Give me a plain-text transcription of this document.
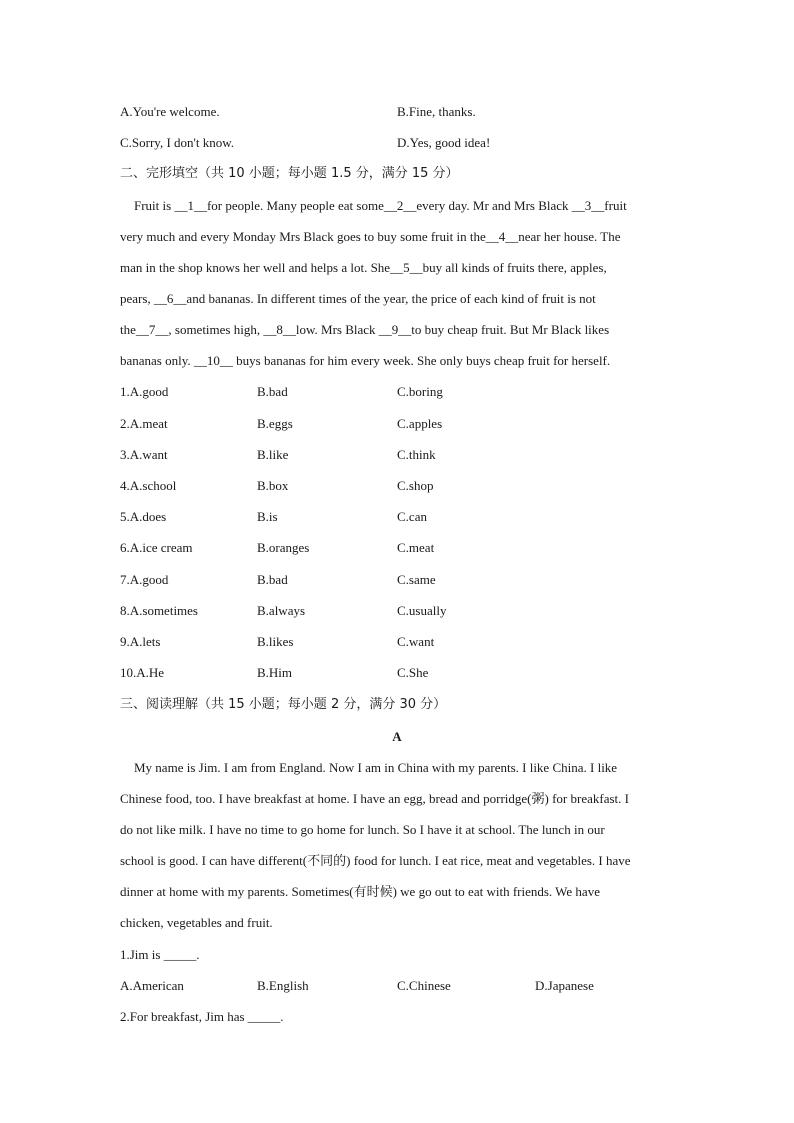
A.You're welcome.	B.Fine, thanks.
C.Sorry, I don't know.	D.Yes, good idea!
二、完形填空（共 10 小题；每小题 1.5 分，满分 15 分）
Fruit is __1__for people. Many people eat some__2__every day. Mr and Mrs Black __3__fruit
very much and every Monday Mrs Black goes to buy some fruit in the__4__near her house. The
man in the shop knows her well and helps a lot. She__5__buy all kinds of fruits there, apples,
pears, __6__and bananas. In different times of the year, the price of each kind of fruit is not
the__7__, sometimes high, __8__low. Mrs Black __9__to buy cheap fruit. But Mr Black likes
bananas only. __10__ buys bananas for him every week. She only buys cheap fruit for herself.
1.A.good	B.bad	C.boring
2.A.meat	B.eggs	C.apples
3.A.want	B.like	C.think
4.A.school	B.box	C.shop
5.A.does	B.is	C.can
6.A.ice cream	B.oranges	C.meat
7.A.good	B.bad	C.same
8.A.sometimes	B.always	C.usually
9.A.lets	B.likes	C.want
10.A.He	B.Him	C.She
三、阅读理解（共 15 小题；每小题 2 分，满分 30 分）
A
My name is Jim. I am from England. Now I am in China with my parents. I like China. I like
Chinese food, too. I have breakfast at home. I have an egg, bread and porridge(粥) for breakfast. I
do not like milk. I have no time to go home for lunch. So I have it at school. The lunch in our
school is good. I can have different(不同的) food for lunch. I eat rice, meat and vegetables. I have
dinner at home with my parents. Sometimes(有时候) we go out to eat with friends. We have
chicken, vegetables and fruit.
1.Jim is _____.
A.American	B.English	C.Chinese	D.Japanese
2.For breakfast, Jim has _____.
